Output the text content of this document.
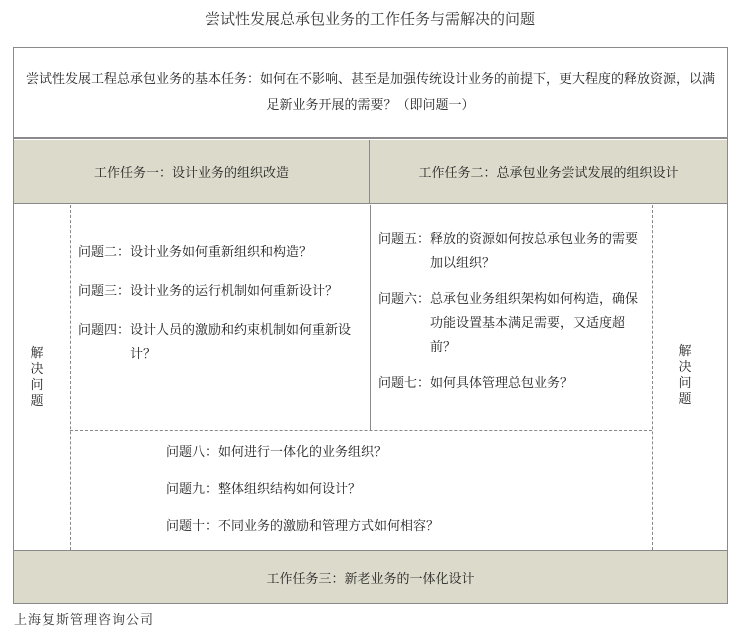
尝试性发展总承包业务的工作任务与需解决的问题
尝试性发展工程总承包业务的基本任务：如何在不影响、甚至是加强传统设计业务的前提下，更大程度的释放资源，以满足新业务开展的需要？（即问题一）
工作任务一：设计业务的组织改造	工作任务二：总承包业务尝试发展的组织设计
解决问题
解决问题
问题二： 设计业务如何重新组织和构造？
问题三： 设计业务的运行机制如何重新设计？
问题四： 设计人员的激励和约束机制如何重新设计？
问题五： 释放的资源如何按总承包业务的需要加以组织？
问题六： 总承包业务组织架构如何构造，确保功能设置基本满足需要，又适度超前？
问题七： 如何具体管理总包业务？
问题八： 如何进行一体化的业务组织？
问题九： 整体组织结构如何设计？
问题十： 不同业务的激励和管理方式如何相容？
工作任务三：新老业务的一体化设计
上海复斯管理咨询公司
